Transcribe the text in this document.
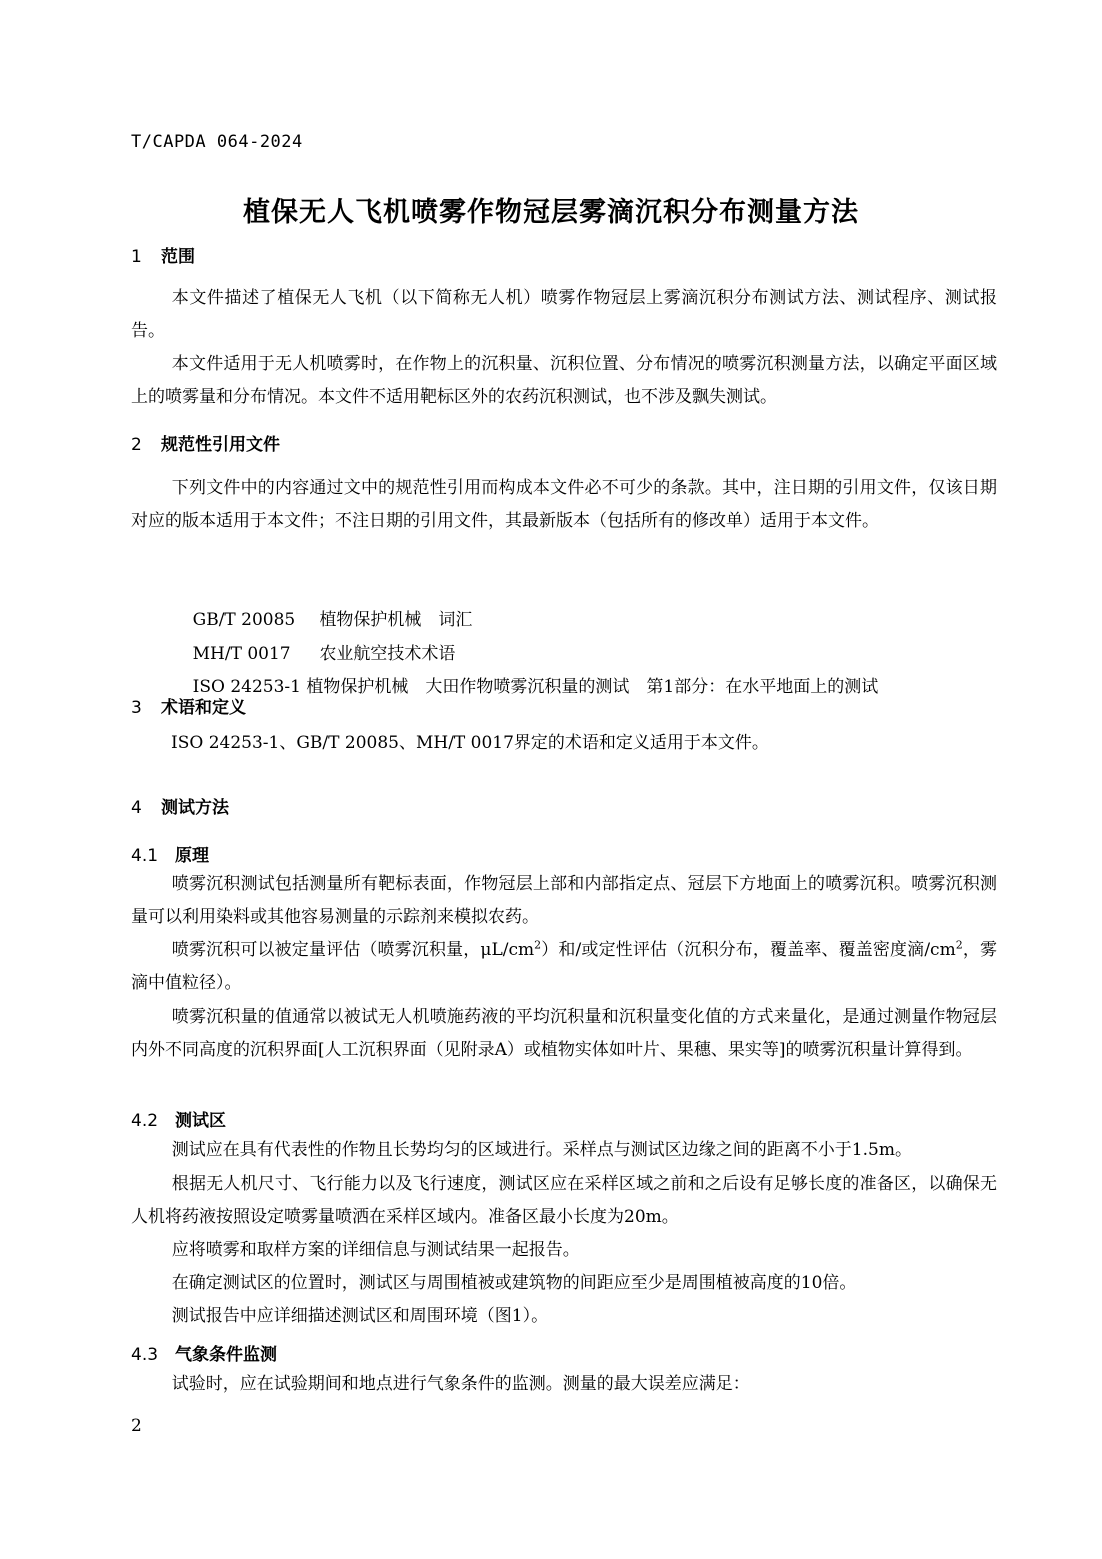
T/CAPDA 064-2024
植保无人飞机喷雾作物冠层雾滴沉积分布测量方法
1 范围

本文件描述了植保无人飞机（以下简称无人机）喷雾作物冠层上雾滴沉积分布测试方法、测试程序、测试报告。

本文件适用于无人机喷雾时，在作物上的沉积量、沉积位置、分布情况的喷雾沉积测量方法，以确定平面区域上的喷雾量和分布情况。本文件不适用靶标区外的农药沉积测试，也不涉及飘失测试。

2 规范性引用文件

下列文件中的内容通过文中的规范性引用而构成本文件必不可少的条款。其中，注日期的引用文件，仅该日期对应的版本适用于本文件；不注日期的引用文件，其最新版本（包括所有的修改单）适用于本文件。

GB/T 20085 植物保护机械　词汇

MH/T 0017 农业航空技术术语

ISO 24253-1 植物保护机械　大田作物喷雾沉积量的测试　第1部分：在水平地面上的测试

3 术语和定义
ISO 24253-1、GB/T 20085、MH/T 0017界定的术语和定义适用于本文件。
4 测试方法
4.1 原理

喷雾沉积测试包括测量所有靶标表面，作物冠层上部和内部指定点、冠层下方地面上的喷雾沉积。喷雾沉积测量可以利用染料或其他容易测量的示踪剂来模拟农药。

喷雾沉积可以被定量评估（喷雾沉积量，$\mu L/cm^2$）和/或定性评估（沉积分布，覆盖率、覆盖密度滴$/cm^2$，雾滴中值粒径）。

喷雾沉积量的值通常以被试无人机喷施药液的平均沉积量和沉积量变化值的方式来量化，是通过测量作物冠层内外不同高度的沉积界面[人工沉积界面（见附录A）或植物实体如叶片、果穗、果实等]的喷雾沉积量计算得到。

4.2 测试区

测试应在具有代表性的作物且长势均匀的区域进行。采样点与测试区边缘之间的距离不小于1.5m。

根据无人机尺寸、飞行能力以及飞行速度，测试区应在采样区域之前和之后设有足够长度的准备区，以确保无人机将药液按照设定喷雾量喷洒在采样区域内。准备区最小长度为20m。

应将喷雾和取样方案的详细信息与测试结果一起报告。

在确定测试区的位置时，测试区与周围植被或建筑物的间距应至少是周围植被高度的10倍。

测试报告中应详细描述测试区和周围环境（图1）。

4.3 气象条件监测

试验时，应在试验期间和地点进行气象条件的监测。测量的最大误差应满足：

2
